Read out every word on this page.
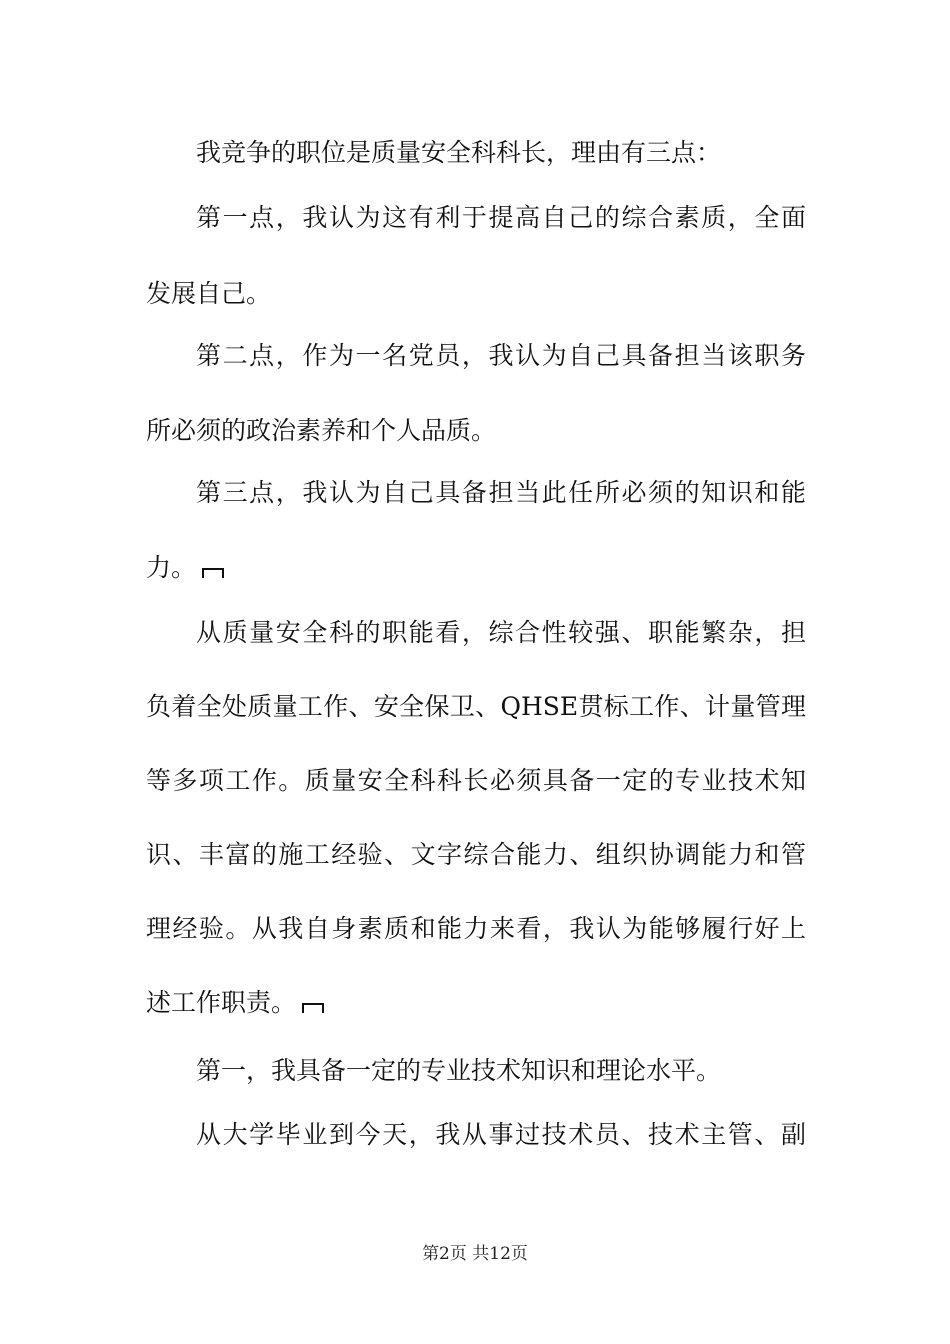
我竞争的职位是质量安全科科长，理由有三点：
第一点，我认为这有利于提高自己的综合素质，全面
发展自己。
第二点，作为一名党员，我认为自己具备担当该职务
所必须的政治素养和个人品质。
第三点，我认为自己具备担当此任所必须的知识和能
力。
从质量安全科的职能看，综合性较强、职能繁杂，担
负着全处质量工作、安全保卫、QHSE贯标工作、计量管理
等多项工作。质量安全科科长必须具备一定的专业技术知
识、丰富的施工经验、文字综合能力、组织协调能力和管
理经验。从我自身素质和能力来看，我认为能够履行好上
述工作职责。
第一，我具备一定的专业技术知识和理论水平。
从大学毕业到今天，我从事过技术员、技术主管、副
第2页 共12页
